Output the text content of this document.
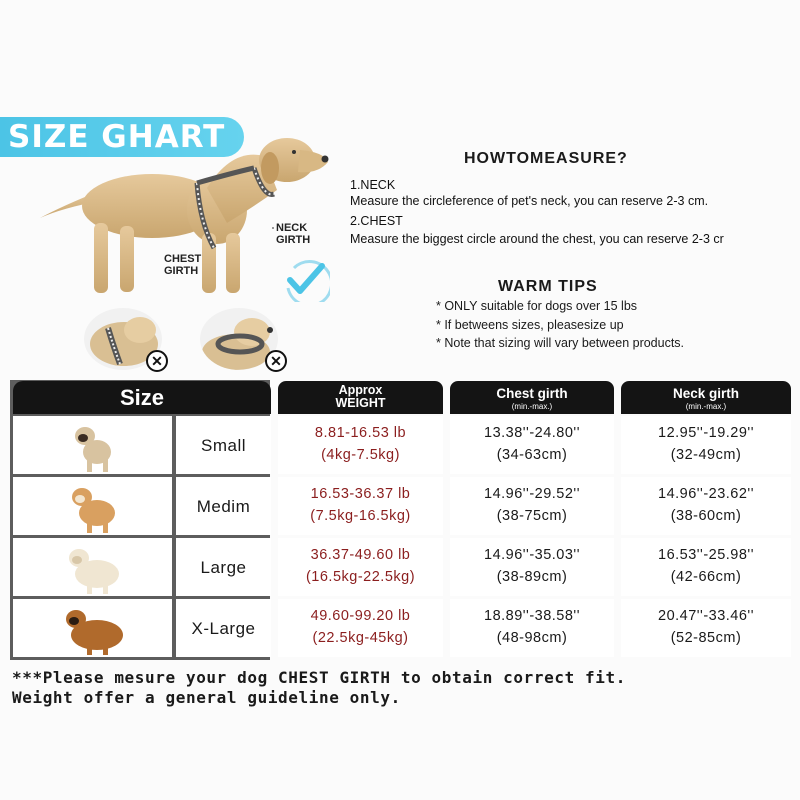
SIZE GHART
NECK
GIRTH
CHEST
GIRTH
✕	✕
HOWTOMEASURE?
1.NECK
Measure the circleference of pet's neck, you can reserve 2-3 cm.
2.CHEST
Measure the biggest circle around the chest, you can reserve 2-3 cr
WARM TIPS
* ONLY suitable for dogs over 15 lbs
* If betweens sizes, pleasesize up
* Note that sizing will vary between products.
Size	Approx
WEIGHT
Chest girth
(min.-max.)
Neck girth
(min.-max.)
Small
8.81-16.53 lb
(4kg-7.5kg)
13.38''-24.80''
(34-63cm)
12.95''-19.29''
(32-49cm)
Medim
16.53-36.37 lb
(7.5kg-16.5kg)
14.96''-29.52''
(38-75cm)
14.96''-23.62''
(38-60cm)
Large
36.37-49.60 lb
(16.5kg-22.5kg)
14.96''-35.03''
(38-89cm)
16.53''-25.98''
(42-66cm)
X-Large
49.60-99.20 lb
(22.5kg-45kg)
18.89''-38.58''
(48-98cm)
20.47''-33.46''
(52-85cm)
***Please mesure your dog CHEST GIRTH to obtain correct fit.
Weight offer a general guideline only.
